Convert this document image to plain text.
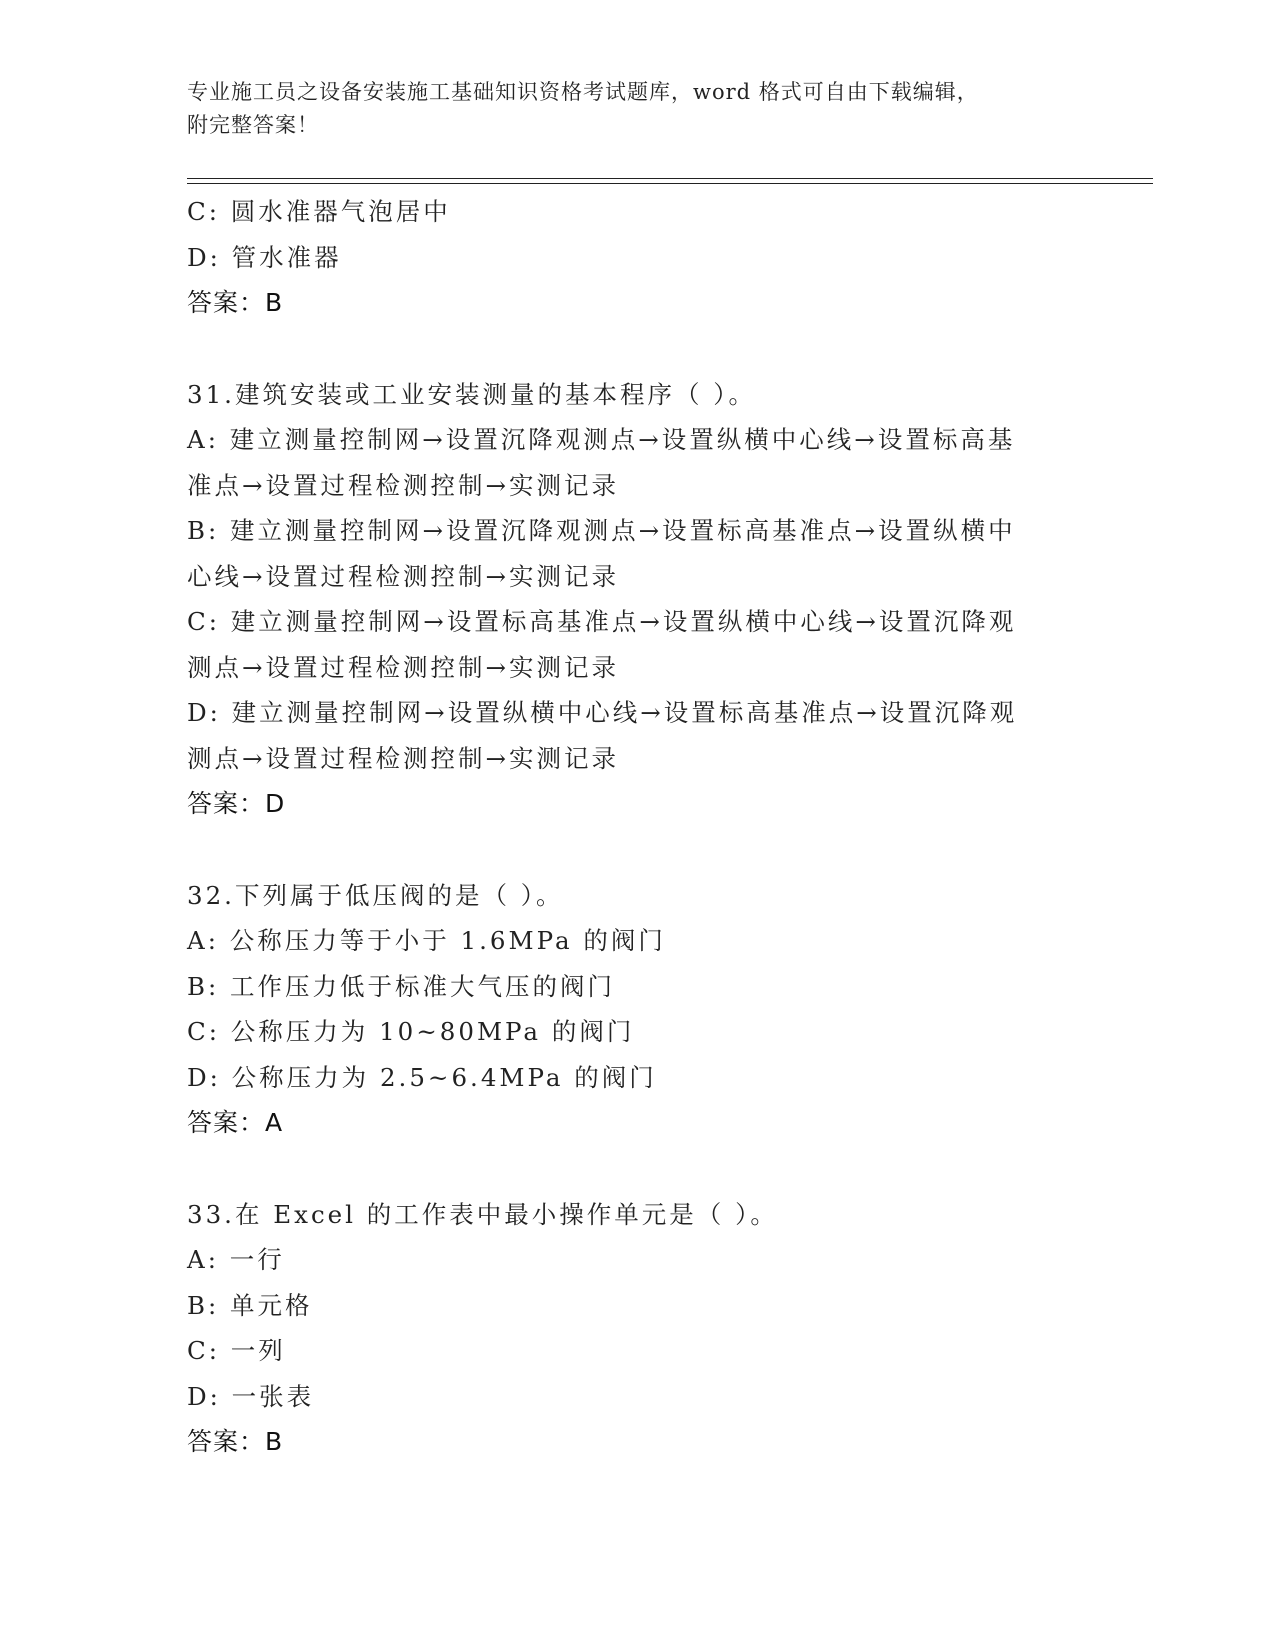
专业施工员之设备安装施工基础知识资格考试题库，word 格式可自由下载编辑，
附完整答案！
C: 圆水准器气泡居中
D: 管水准器
答案：B
31.建筑安装或工业安装测量的基本程序（ ）。
A: 建立测量控制网→设置沉降观测点→设置纵横中心线→设置标高基
准点→设置过程检测控制→实测记录
B: 建立测量控制网→设置沉降观测点→设置标高基准点→设置纵横中
心线→设置过程检测控制→实测记录
C: 建立测量控制网→设置标高基准点→设置纵横中心线→设置沉降观
测点→设置过程检测控制→实测记录
D: 建立测量控制网→设置纵横中心线→设置标高基准点→设置沉降观
测点→设置过程检测控制→实测记录
答案：D
32.下列属于低压阀的是（ ）。
A: 公称压力等于小于 1.6MPa 的阀门
B: 工作压力低于标准大气压的阀门
C: 公称压力为 10~80MPa 的阀门
D: 公称压力为 2.5~6.4MPa 的阀门
答案：A
33.在 Excel 的工作表中最小操作单元是（ ）。
A: 一行
B: 单元格
C: 一列
D: 一张表
答案：B
